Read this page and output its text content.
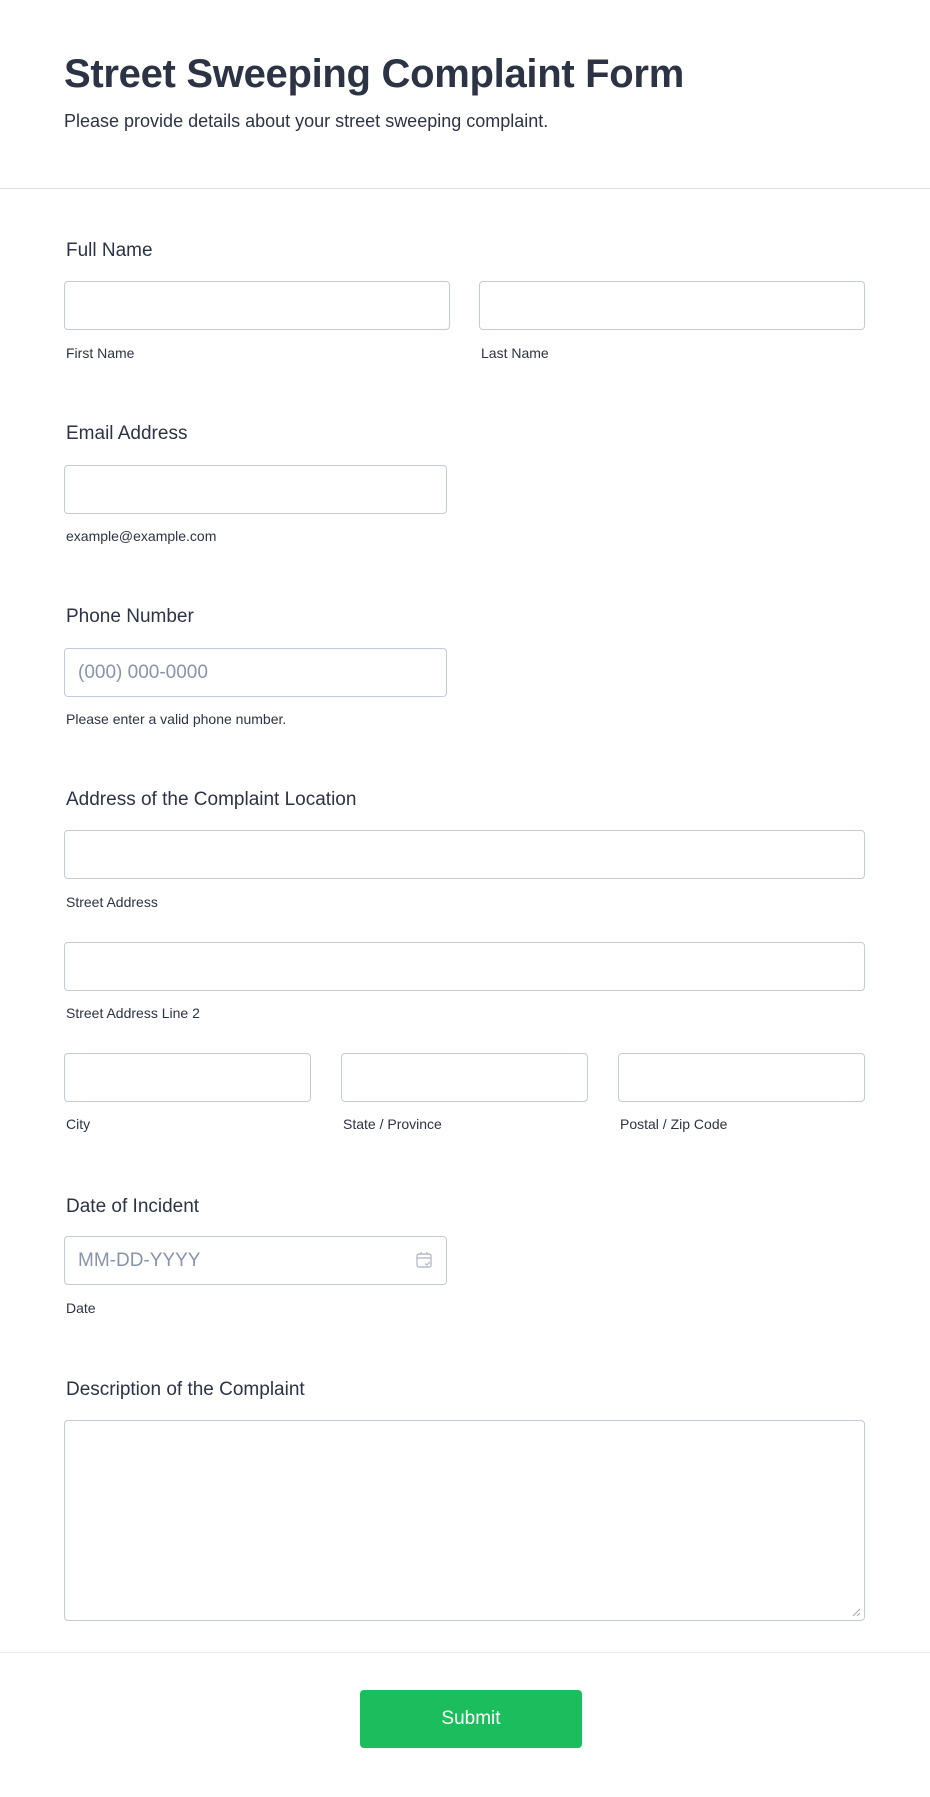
Street Sweeping Complaint Form
Please provide details about your street sweeping complaint.
Full Name
First Name	Last Name
Email Address
example@example.com
Phone Number
(000) 000-0000
Please enter a valid phone number.
Address of the Complaint Location
Street Address
Street Address Line 2
City	State / Province	Postal / Zip Code
Date of Incident
MM-DD-YYYY
Date
Description of the Complaint
Submit
